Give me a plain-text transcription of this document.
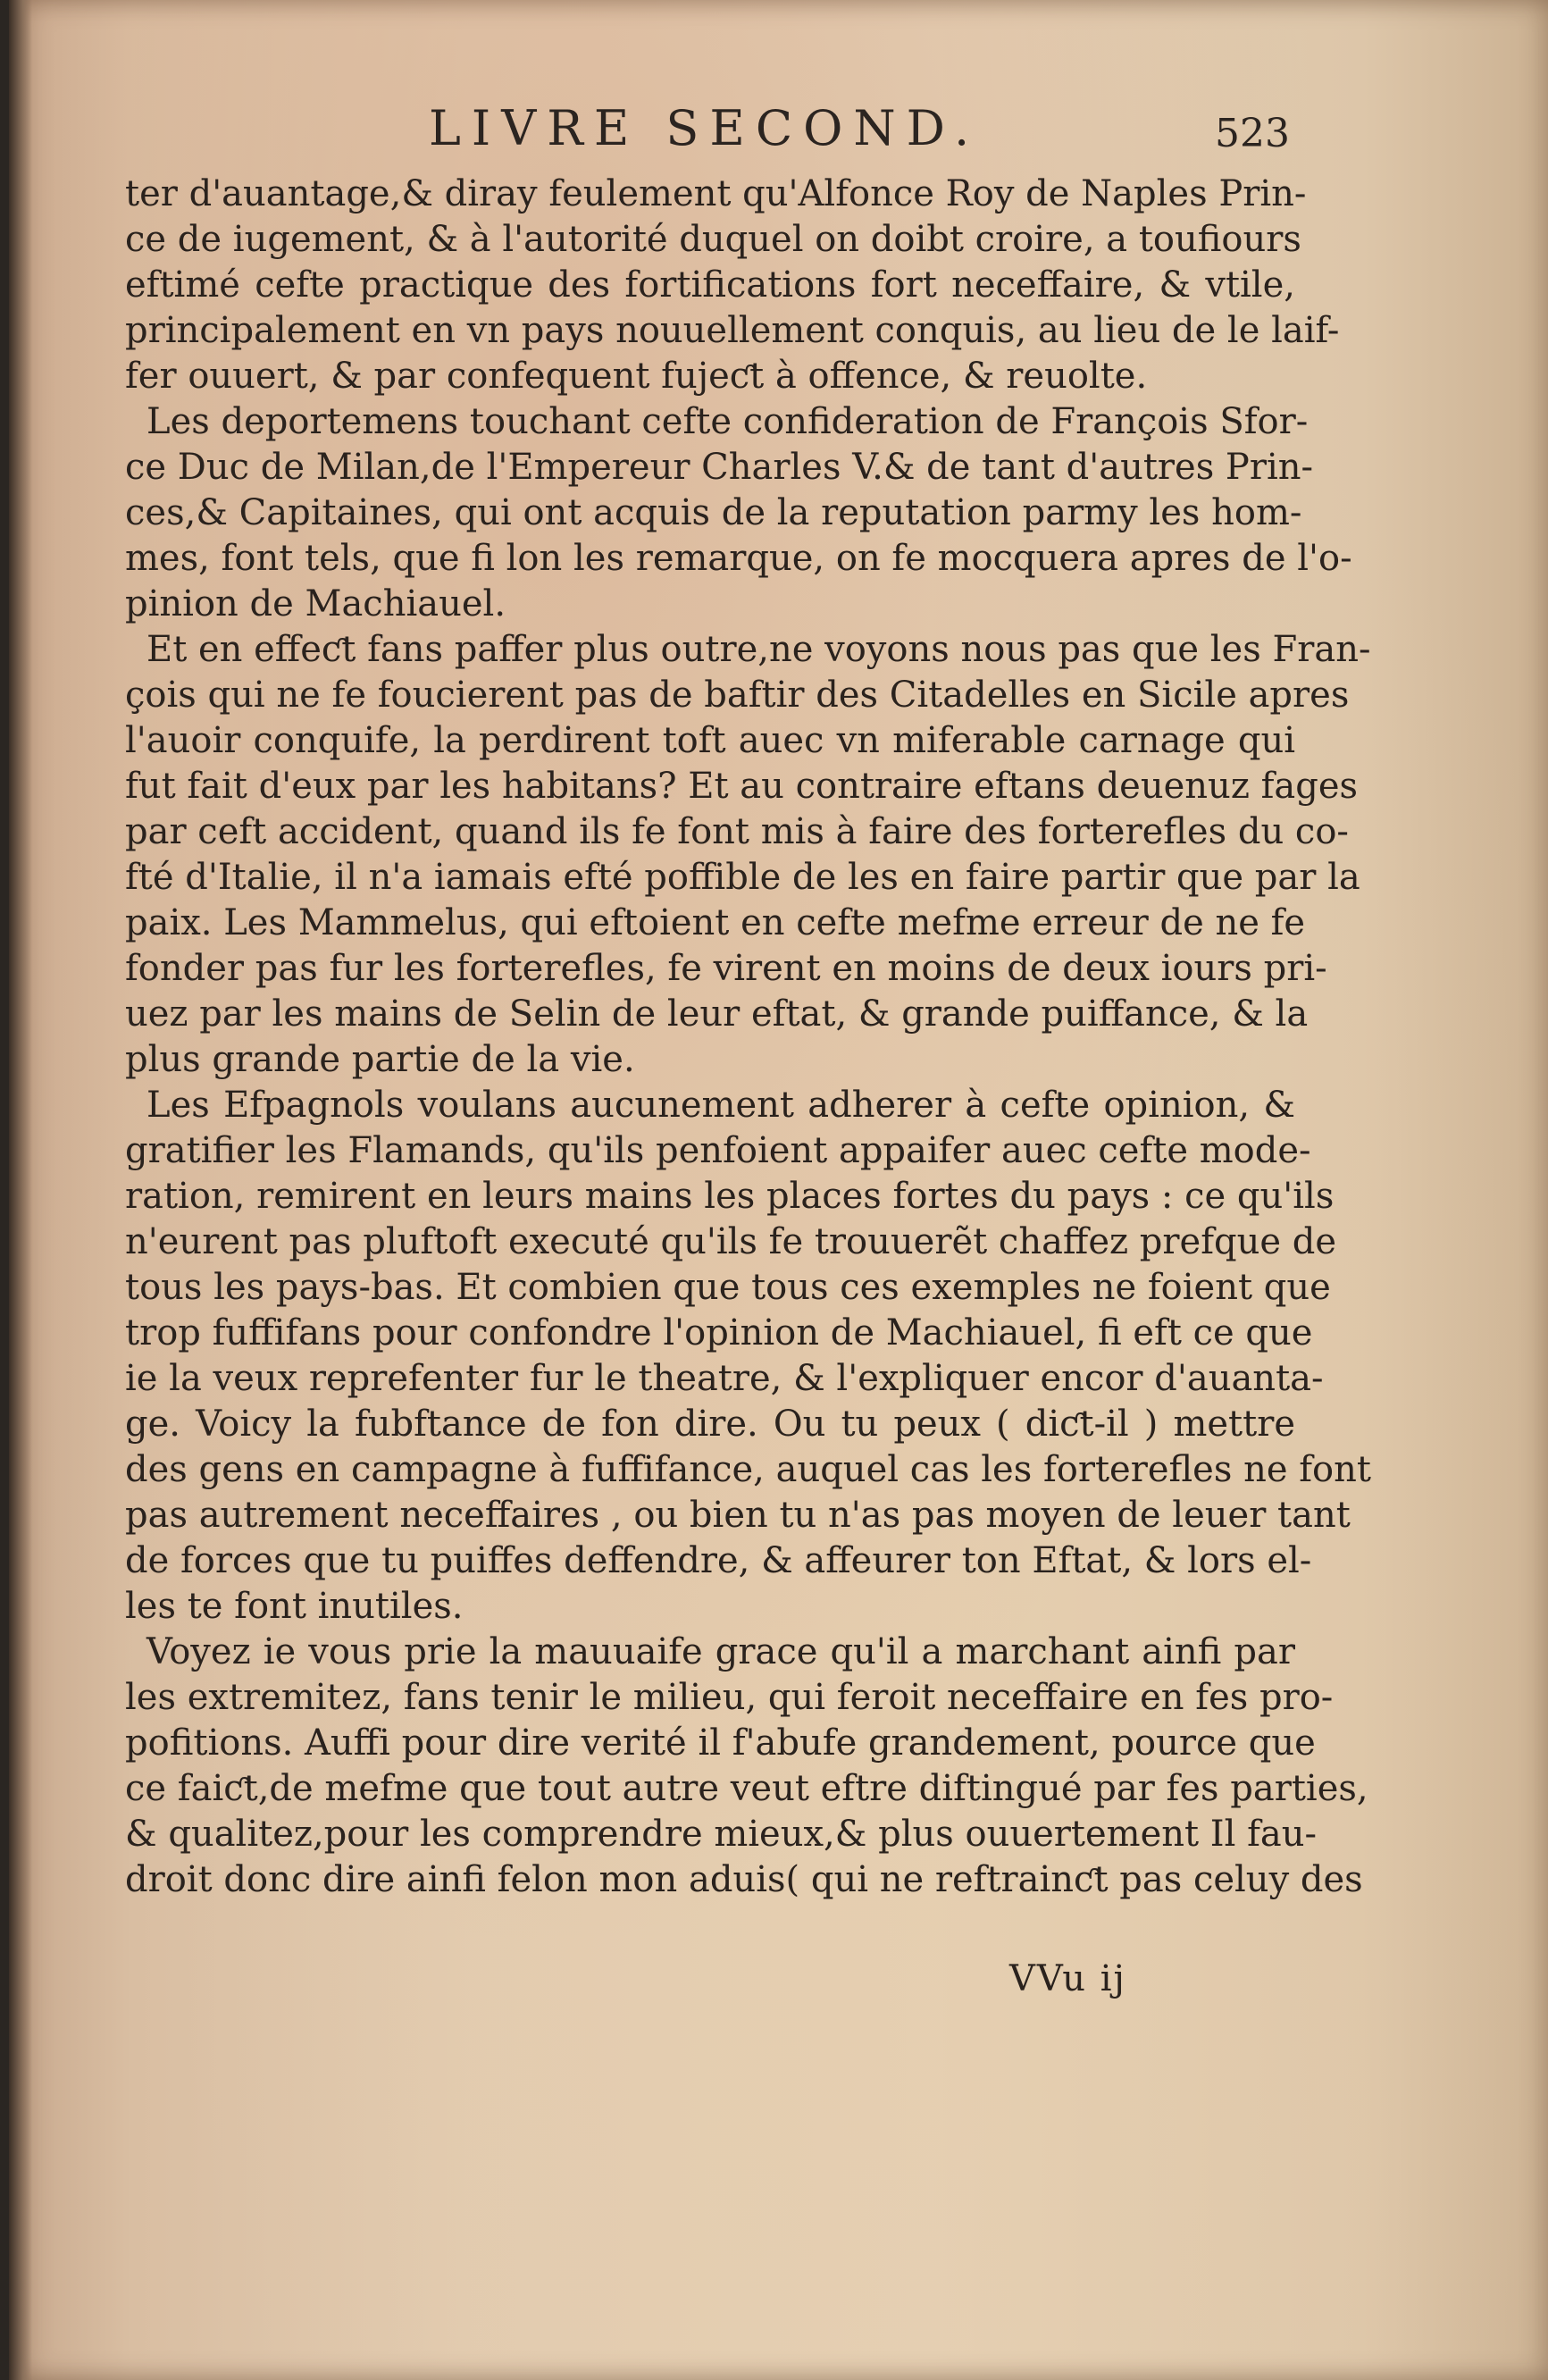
LIVRE SECOND.	523
ter d'auantage,& diray feulement qu'Alfonce Roy de Naples Prin-
ce de iugement, & à l'autorité duquel on doibt croire, a toufiours
eftimé cefte practique des fortifications fort neceffaire, & vtile,
principalement en vn pays nouuellement conquis, au lieu de le laif-
fer ouuert, & par confequent fujeƈt à offence, & reuolte.
Les deportemens touchant cefte confideration de François Sfor-
ce Duc de Milan,de l'Empereur Charles V.& de tant d'autres Prin-
ces,& Capitaines, qui ont acquis de la reputation parmy les hom-
mes, font tels, que fi lon les remarque, on fe mocquera apres de l'o-
pinion de Machiauel.
Et en effeƈt fans paffer plus outre,ne voyons nous pas que les Fran-
çois qui ne fe foucierent pas de baftir des Citadelles en Sicile apres
l'auoir conquife, la perdirent toft auec vn miferable carnage qui
fut fait d'eux par les habitans? Et au contraire eftans deuenuz fages
par ceft accident, quand ils fe font mis à faire des forterefles du co-
fté d'Italie, il n'a iamais efté poffible de les en faire partir que par la
paix. Les Mammelus, qui eftoient en cefte mefme erreur de ne fe
fonder pas fur les forterefles, fe virent en moins de deux iours pri-
uez par les mains de Selin de leur eftat, & grande puiffance, & la
plus grande partie de la vie.
Les Efpagnols voulans aucunement adherer à cefte opinion, &
gratifier les Flamands, qu'ils penfoient appaifer auec cefte mode-
ration, remirent en leurs mains les places fortes du pays : ce qu'ils
n'eurent pas pluftoft executé qu'ils fe trouuerẽt chaffez prefque de
tous les pays-bas. Et combien que tous ces exemples ne foient que
trop fuffifans pour confondre l'opinion de Machiauel, fi eft ce que
ie la veux reprefenter fur le theatre, & l'expliquer encor d'auanta-
ge. Voicy la fubftance de fon dire. Ou tu peux ( diƈt-il ) mettre
des gens en campagne à fuffifance, auquel cas les forterefles ne font
pas autrement neceffaires , ou bien tu n'as pas moyen de leuer tant
de forces que tu puiffes deffendre, & affeurer ton Eftat, & lors el-
les te font inutiles.
Voyez ie vous prie la mauuaife grace qu'il a marchant ainfi par
les extremitez, fans tenir le milieu, qui feroit neceffaire en fes pro-
pofitions. Auffi pour dire verité il f'abufe grandement, pource que
ce faiƈt,de mefme que tout autre veut eftre diftingué par fes parties,
& qualitez,pour les comprendre mieux,& plus ouuertement Il fau-
droit donc dire ainfi felon mon aduis( qui ne reftrainƈt pas celuy des
VVu ij
